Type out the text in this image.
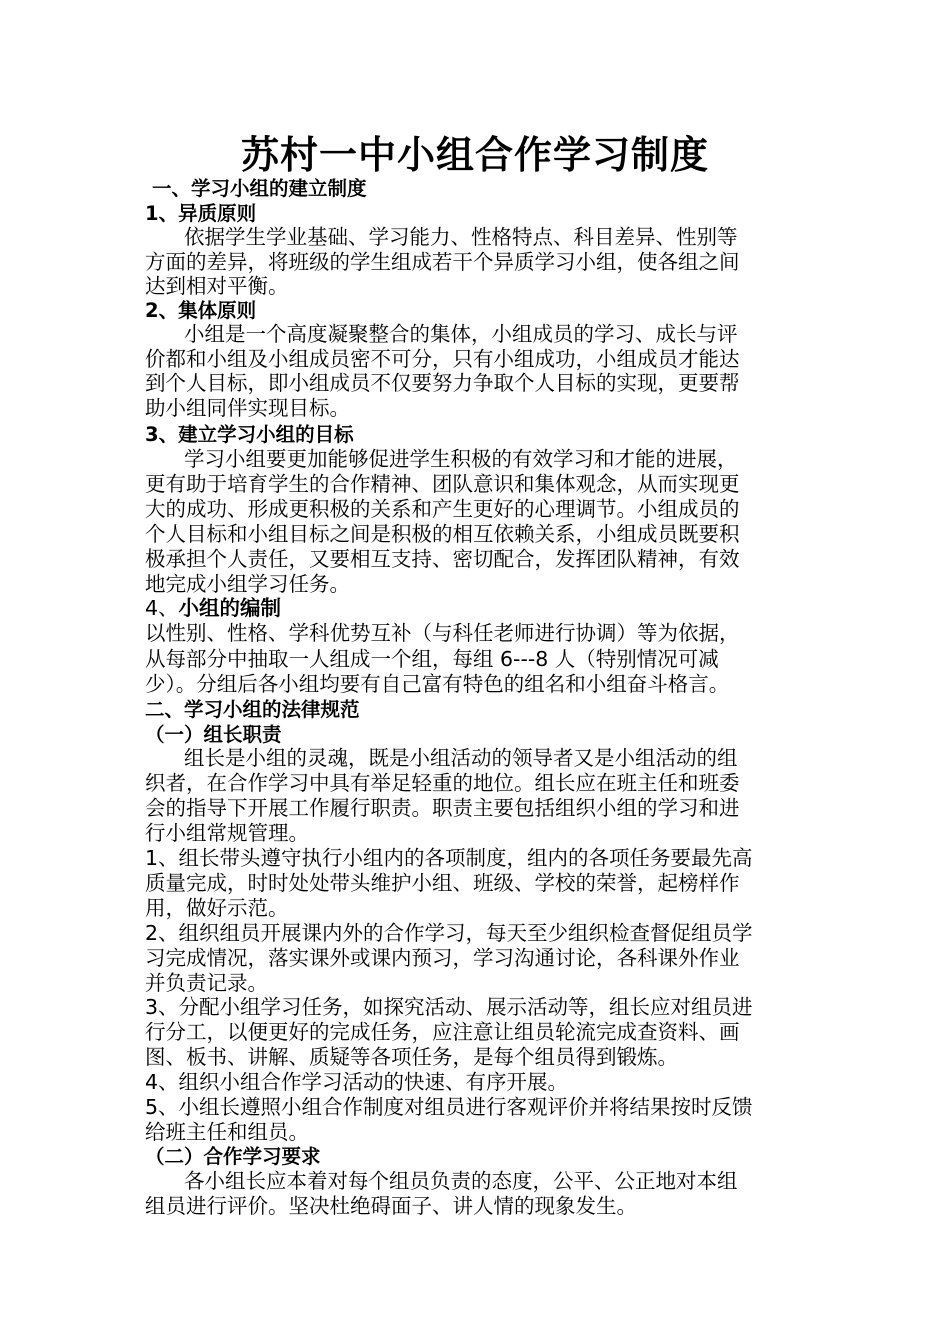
苏村一中小组合作学习制度
一、学习小组的建立制度
1、异质原则
依据学生学业基础、学习能力、性格特点、科目差异、性别等
方面的差异，将班级的学生组成若干个异质学习小组，使各组之间
达到相对平衡。
2、集体原则
小组是一个高度凝聚整合的集体，小组成员的学习、成长与评
价都和小组及小组成员密不可分，只有小组成功，小组成员才能达
到个人目标，即小组成员不仅要努力争取个人目标的实现，更要帮
助小组同伴实现目标。
3、建立学习小组的目标
学习小组要更加能够促进学生积极的有效学习和才能的进展，
更有助于培育学生的合作精神、团队意识和集体观念，从而实现更
大的成功、形成更积极的关系和产生更好的心理调节。小组成员的
个人目标和小组目标之间是积极的相互依赖关系，小组成员既要积
极承担个人责任，又要相互支持、密切配合，发挥团队精神，有效
地完成小组学习任务。
4、小组的编制
以性别、性格、学科优势互补（与科任老师进行协调）等为依据，
从每部分中抽取一人组成一个组，每组 6---8 人（特别情况可减
少）。分组后各小组均要有自己富有特色的组名和小组奋斗格言。
二、学习小组的法律规范
（一）组长职责
组长是小组的灵魂，既是小组活动的领导者又是小组活动的组
织者，在合作学习中具有举足轻重的地位。组长应在班主任和班委
会的指导下开展工作履行职责。职责主要包括组织小组的学习和进
行小组常规管理。
1、组长带头遵守执行小组内的各项制度，组内的各项任务要最先高
质量完成，时时处处带头维护小组、班级、学校的荣誉，起榜样作
用，做好示范。
2、组织组员开展课内外的合作学习，每天至少组织检查督促组员学
习完成情况，落实课外或课内预习，学习沟通讨论，各科课外作业
并负责记录。
3、分配小组学习任务，如探究活动、展示活动等，组长应对组员进
行分工，以便更好的完成任务，应注意让组员轮流完成查资料、画
图、板书、讲解、质疑等各项任务，是每个组员得到锻炼。
4、组织小组合作学习活动的快速、有序开展。
5、小组长遵照小组合作制度对组员进行客观评价并将结果按时反馈
给班主任和组员。
（二）合作学习要求
各小组长应本着对每个组员负责的态度，公平、公正地对本组
组员进行评价。坚决杜绝碍面子、讲人情的现象发生。
